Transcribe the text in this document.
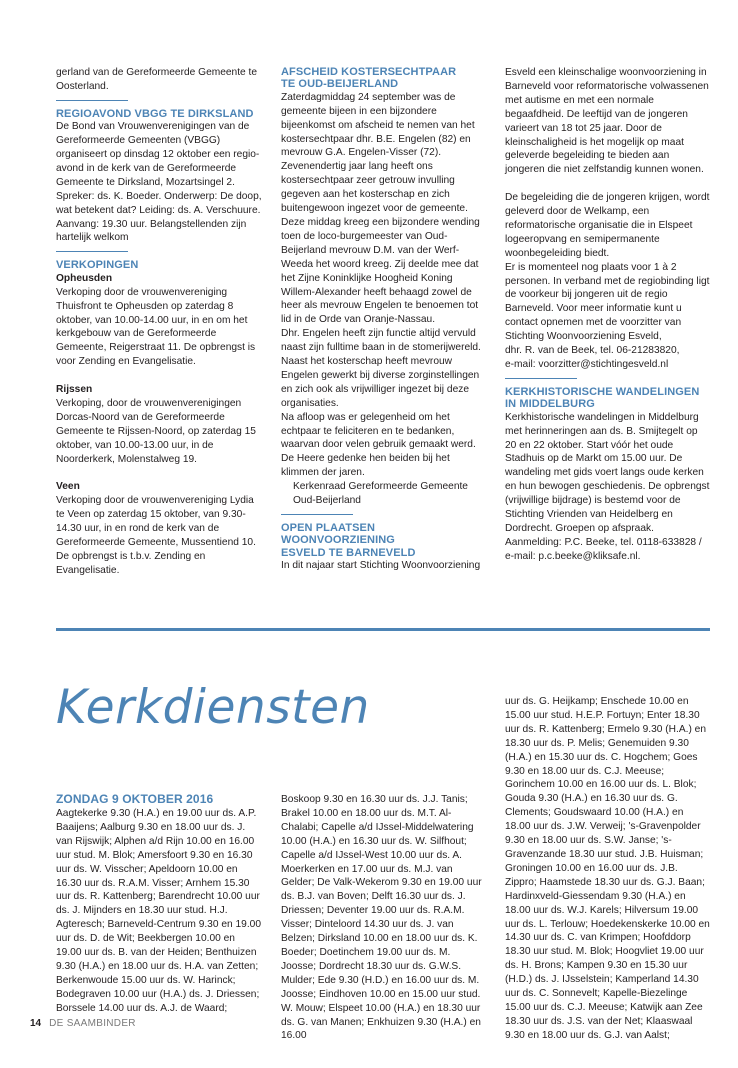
gerland van de Gereformeerde Gemeente te Oosterland.

REGIOAVOND VBGG TE DIRKSLAND

De Bond van Vrouwenverenigingen van de Gereformeerde Gemeenten (VBGG) organiseert op dinsdag 12 oktober een regio-avond in de kerk van de Gereformeerde Gemeente te Dirksland, Mozartsingel 2. Spreker: ds. K. Boeder. Onderwerp: De doop, wat betekent dat? Leiding: ds. A. Verschuure. Aanvang: 19.30 uur. Belangstellenden zijn hartelijk welkom

VERKOPINGEN

Opheusden

Verkoping door de vrouwenvereniging Thuisfront te Opheusden op zaterdag 8 oktober, van 10.00-14.00 uur, in en om het kerkgebouw van de Gereformeerde Gemeente, Reigerstraat 11. De opbrengst is voor Zending en Evangelisatie.

Rijssen

Verkoping, door de vrouwenverenigingen Dorcas-Noord van de Gereformeerde Gemeente te Rijssen-Noord, op zaterdag 15 oktober, van 10.00-13.00 uur, in de Noorderkerk, Molenstalweg 19.

Veen

Verkoping door de vrouwenvereniging Lydia te Veen op zaterdag 15 oktober, van 9.30-14.30 uur, in en rond de kerk van de Gereformeerde Gemeente, Mussentiend 10. De opbrengst is t.b.v. Zending en Evangelisatie.

AFSCHEID KOSTERSECHTPAAR

TE OUD-BEIJERLAND

Zaterdagmiddag 24 september was de gemeente bijeen in een bijzondere bijeenkomst om afscheid te nemen van het kostersechtpaar dhr. B.E. Engelen (82) en mevrouw G.A. Engelen-Visser (72).

Zevenendertig jaar lang heeft ons kostersechtpaar zeer getrouw invulling gegeven aan het kosterschap en zich buitengewoon ingezet voor de gemeente.

Deze middag kreeg een bijzondere wending toen de loco-burgemeester van Oud-Beijerland mevrouw D.M. van der Werf-Weeda het woord kreeg. Zij deelde mee dat het Zijne Koninklijke Hoogheid Koning Willem-Alexander heeft behaagd zowel de heer als mevrouw Engelen te benoemen tot lid in de Orde van Oranje-Nassau.

Dhr. Engelen heeft zijn functie altijd vervuld naast zijn fulltime baan in de stomerijwereld. Naast het kosterschap heeft mevrouw Engelen gewerkt bij diverse zorginstellingen en zich ook als vrijwilliger ingezet bij deze organisaties.

Na afloop was er gelegenheid om het echtpaar te feliciteren en te bedanken, waarvan door velen gebruik gemaakt werd.

De Heere gedenke hen beiden bij het klimmen der jaren.

Kerkenraad Gereformeerde Gemeente Oud-Beijerland

OPEN PLAATSEN WOONVOORZIENING

ESVELD TE BARNEVELD

In dit najaar start Stichting Woonvoorziening

Esveld een kleinschalige woonvoorziening in Barneveld voor reformatorische volwassenen met autisme en met een normale begaafdheid. De leeftijd van de jongeren varieert van 18 tot 25 jaar. Door de kleinschaligheid is het mogelijk op maat geleverde begeleiding te bieden aan jongeren die niet zelfstandig kunnen wonen.

De begeleiding die de jongeren krijgen, wordt geleverd door de Welkamp, een reformatorische organisatie die in Elspeet logeeropvang en semipermanente woonbegeleiding biedt.

Er is momenteel nog plaats voor 1 à 2 personen. In verband met de regiobinding ligt de voorkeur bij jongeren uit de regio Barneveld. Voor meer informatie kunt u contact opnemen met de voorzitter van Stichting Woonvoorziening Esveld,

dhr. R. van de Beek, tel. 06-21283820,

e-mail: voorzitter@stichtingesveld.nl

KERKHISTORISCHE WANDELINGEN

IN MIDDELBURG

Kerkhistorische wandelingen in Middelburg met herinneringen aan ds. B. Smijtegelt op 20 en 22 oktober. Start vóór het oude Stadhuis op de Markt om 15.00 uur. De wandeling met gids voert langs oude kerken en hun bewogen geschiedenis. De opbrengst (vrijwillige bijdrage) is bestemd voor de Stichting Vrienden van Heidelberg en Dordrecht. Groepen op afspraak.

Aanmelding: P.C. Beeke, tel. 0118-633828 /

e-mail: p.c.beeke@kliksafe.nl.

Kerkdiensten

ZONDAG 9 OKTOBER 2016

Aagtekerke 9.30 (H.A.) en 19.00 uur ds. A.P. Baaijens; Aalburg 9.30 en 18.00 uur ds. J. van Rijswijk; Alphen a/d Rijn 10.00 en 16.00 uur stud. M. Blok; Amersfoort 9.30 en 16.30 uur ds. W. Visscher; Apeldoorn 10.00 en 16.30 uur ds. R.A.M. Visser; Arnhem 15.30 uur ds. R. Kattenberg; Barendrecht 10.00 uur ds. J. Mijnders en 18.30 uur stud. H.J. Agteresch; Barneveld-Centrum 9.30 en 19.00 uur ds. D. de Wit; Beekbergen 10.00 en 19.00 uur ds. B. van der Heiden; Benthuizen 9.30 (H.A.) en 18.00 uur ds. H.A. van Zetten; Berkenwoude 15.00 uur ds. W. Harinck; Bodegraven 10.00 uur (H.A.) ds. J. Driessen; Borssele 14.00 uur ds. A.J. de Waard;

Boskoop 9.30 en 16.30 uur ds. J.J. Tanis; Brakel 10.00 en 18.00 uur ds. M.T. Al-Chalabi; Capelle a/d IJssel-Middelwatering 10.00 (H.A.) en 16.30 uur ds. W. Silfhout; Capelle a/d IJssel-West 10.00 uur ds. A. Moerkerken en 17.00 uur ds. M.J. van Gelder; De Valk-Wekerom 9.30 en 19.00 uur ds. B.J. van Boven; Delft 16.30 uur ds. J. Driessen; Deventer 19.00 uur ds. R.A.M. Visser; Dinteloord 14.30 uur ds. J. van Belzen; Dirksland 10.00 en 18.00 uur ds. K. Boeder; Doetinchem 19.00 uur ds. M. Joosse; Dordrecht 18.30 uur ds. G.W.S. Mulder; Ede 9.30 (H.D.) en 16.00 uur ds. M. Joosse; Eindhoven 10.00 en 15.00 uur stud. W. Mouw; Elspeet 10.00 (H.A.) en 18.30 uur ds. G. van Manen; Enkhuizen 9.30 (H.A.) en 16.00

uur ds. G. Heijkamp; Enschede 10.00 en 15.00 uur stud. H.E.P. Fortuyn; Enter 18.30 uur ds. R. Kattenberg; Ermelo 9.30 (H.A.) en 18.30 uur ds. P. Melis; Genemuiden 9.30 (H.A.) en 15.30 uur ds. C. Hogchem; Goes 9.30 en 18.00 uur ds. C.J. Meeuse; Gorinchem 10.00 en 16.00 uur ds. L. Blok; Gouda 9.30 (H.A.) en 16.30 uur ds. G. Clements; Goudswaard 10.00 (H.A.) en 18.00 uur ds. J.W. Verweij; 's-Gravenpolder 9.30 en 18.00 uur ds. S.W. Janse; 's-Gravenzande 18.30 uur stud. J.B. Huisman; Groningen 10.00 en 16.00 uur ds. J.B. Zippro; Haamstede 18.30 uur ds. G.J. Baan; Hardinxveld-Giessendam 9.30 (H.A.) en 18.00 uur ds. W.J. Karels; Hilversum 19.00 uur ds. L. Terlouw; Hoedekenskerke 10.00 en 14.30 uur ds. C. van Krimpen; Hoofddorp 18.30 uur stud. M. Blok; Hoogvliet 19.00 uur ds. H. Brons; Kampen 9.30 en 15.30 uur (H.D.) ds. J. IJsselstein; Kamperland 14.30 uur ds. C. Sonnevelt; Kapelle-Biezelinge 15.00 uur ds. C.J. Meeuse; Katwijk aan Zee 18.30 uur ds. J.S. van der Net; Klaaswaal 9.30 en 18.00 uur ds. G.J. van Aalst;

14 DE SAAMBINDER
